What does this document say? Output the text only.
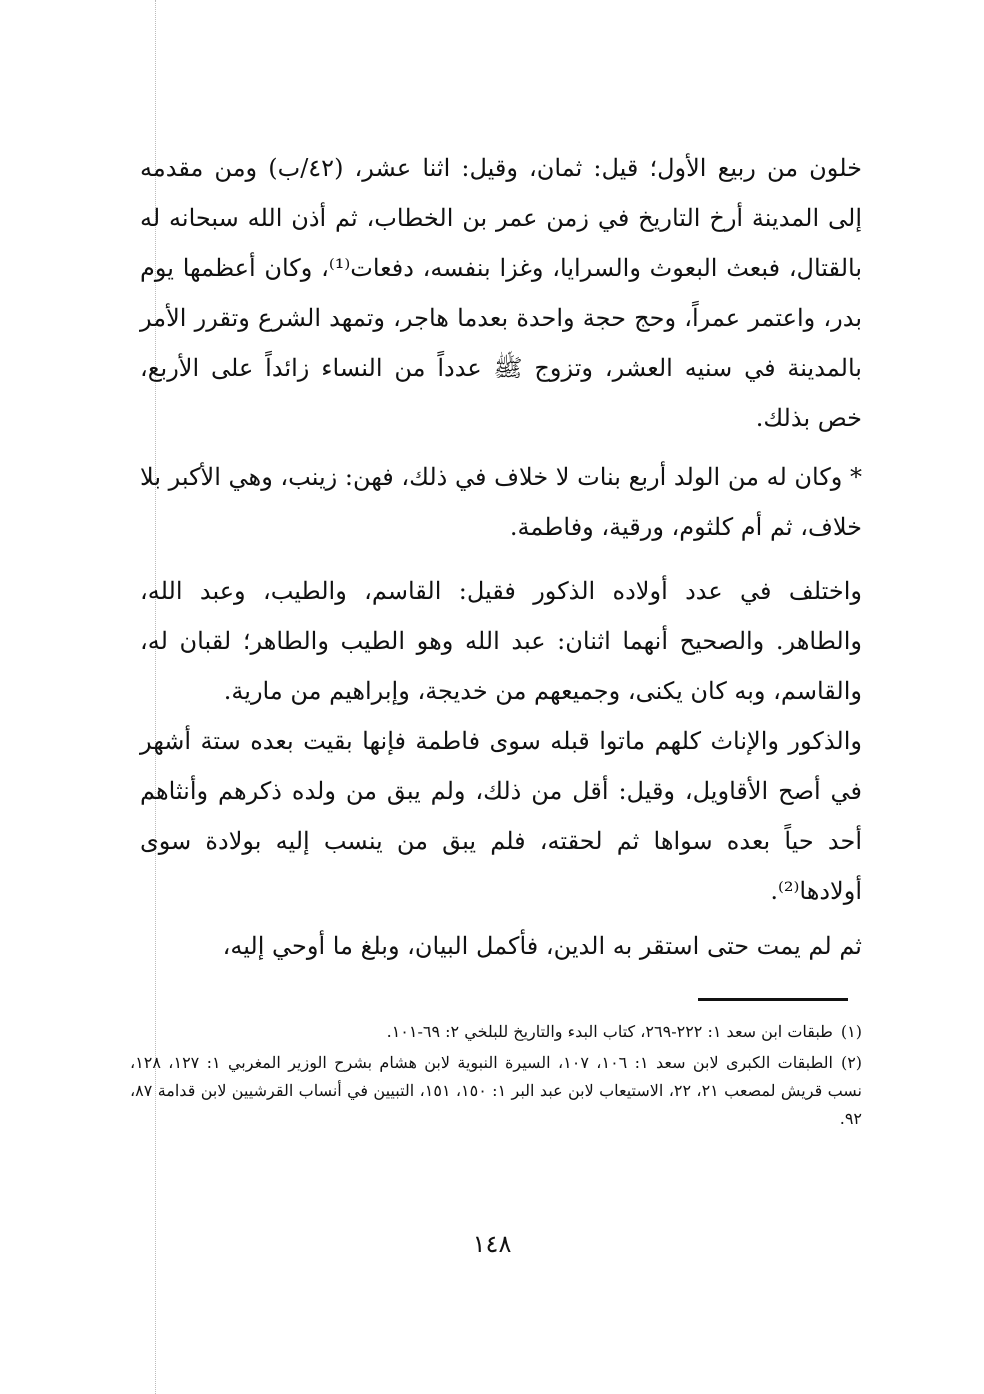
خلون من ربيع الأول؛ قيل: ثمان، وقيل: اثنا عشر، (٤٢/ب) ومن مقدمه إلى المدينة أرخ التاريخ في زمن عمر بن الخطاب، ثم أذن الله سبحانه له بالقتال، فبعث البعوث والسرايا، وغزا بنفسه، دفعات⁽¹⁾، وكان أعظمها يوم بدر، واعتمر عمراً، وحج حجة واحدة بعدما هاجر، وتمهد الشرع وتقرر الأمر بالمدينة في سنيه العشر، وتزوج ﷺ عدداً من النساء زائداً على الأربع، خص بذلك.

* وكان له من الولد أربع بنات لا خلاف في ذلك، فهن: زينب، وهي الأكبر بلا خلاف، ثم أم كلثوم، ورقية، وفاطمة.

واختلف في عدد أولاده الذكور فقيل: القاسم، والطيب، وعبد الله، والطاهر. والصحيح أنهما اثنان: عبد الله وهو الطيب والطاهر؛ لقبان له، والقاسم، وبه كان يكنى، وجميعهم من خديجة، وإبراهيم من مارية.

والذكور والإناث كلهم ماتوا قبله سوى فاطمة فإنها بقيت بعده ستة أشهر في أصح الأقاويل، وقيل: أقل من ذلك، ولم يبق من ولده ذكرهم وأنثاهم أحد حياً بعده سواها ثم لحقته، فلم يبق من ينسب إليه بولادة سوى أولادها⁽²⁾.

ثم لم يمت حتى استقر به الدين، فأكمل البيان، وبلغ ما أوحي إليه،

(١)طبقات ابن سعد ١: ٢٢٢-٢٦٩، كتاب البدء والتاريخ للبلخي ٢: ٦٩-١٠١.

(٢)الطبقات الكبرى لابن سعد ١: ١٠٦، ١٠٧، السيرة النبوية لابن هشام بشرح الوزير المغربي ١: ١٢٧، ١٢٨، نسب قريش لمصعب ٢١، ٢٢، الاستيعاب لابن عبد البر ١: ١٥٠، ١٥١، التبيين في أنساب القرشيين لابن قدامة ٨٧، ٩٢.

١٤٨
